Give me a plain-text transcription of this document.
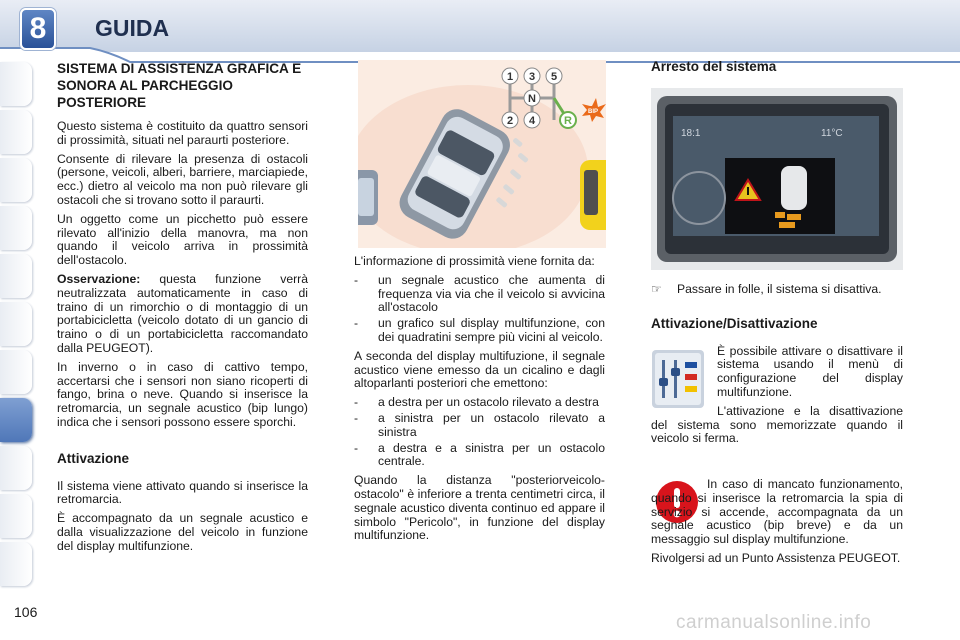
8	GUIDA
106	carmanualsonline.info
SISTEMA DI ASSISTENZA GRAFICA E SONORA AL PARCHEGGIO POSTERIORE

Questo sistema è costituito da quattro sensori di prossimità, situati nel paraurti posteriore.

Consente di rilevare la presenza di ostacoli (persone, veicoli, alberi, barriere, marciapiede, ecc.) dietro al veicolo ma non può rilevare gli ostacoli che si trovano sotto il paraurti.

Un oggetto come un picchetto può essere rilevato all'inizio della manovra, ma non quando il veicolo arriva in prossimità dell'ostacolo.

Osservazione: questa funzione verrà neutralizzata automaticamente in caso di traino di un rimorchio o di montaggio di un portabicicletta (veicolo dotato di un gancio di traino o di un portabicicletta raccomandato dalla PEUGEOT).

In inverno o in caso di cattivo tempo, accertarsi che i sensori non siano ricoperti di fango, brina o neve. Quando si inserisce la retromarcia, un segnale acustico (bip lungo) indica che i sensori possono essere sporchi.

Attivazione

Il sistema viene attivato quando si inserisce la retromarcia.

È accompagnato da un segnale acustico e dalla visualizzazione del veicolo in funzione del display multifunzione.

1 3 5
N
2 4	R
BIP

L'informazione di prossimità viene fornita da:

-	un segnale acustico che aumenta di frequenza via via che il veicolo si avvicina all'ostacolo
-	un grafico sul display multifunzione, con dei quadratini sempre più vicini al veicolo.

A seconda del display multifuzione, il segnale acustico viene emesso da un cicalino e dagli altoparlanti posteriori che emettono:

-	a destra per un ostacolo rilevato a destra
-	a sinistra per un ostacolo rilevato a sinistra
-	a destra e a sinistra per un ostacolo centrale.

Quando la distanza "posteriorveicolo-ostacolo" è inferiore a trenta centimetri circa, il segnale acustico diventa continuo ed appare il simbolo "Pericolo", in funzione del display multifunzione.

Arresto del sistema
18:1	11°C
☞	Passare in folle, il sistema si disattiva.
Attivazione/Disattivazione

È possibile attivare o disattivare il sistema usando il menù di configurazione del display multifunzione.

L'attivazione e la disattivazione del sistema sono memorizzate quando il veicolo si ferma.

In caso di mancato funzionamento, quando si inserisce la retromarcia la spia di servizio si accende, accompagnata da un segnale acustico (bip breve) e da un messaggio sul display multifunzione.

Rivolgersi ad un Punto Assistenza PEUGEOT.
